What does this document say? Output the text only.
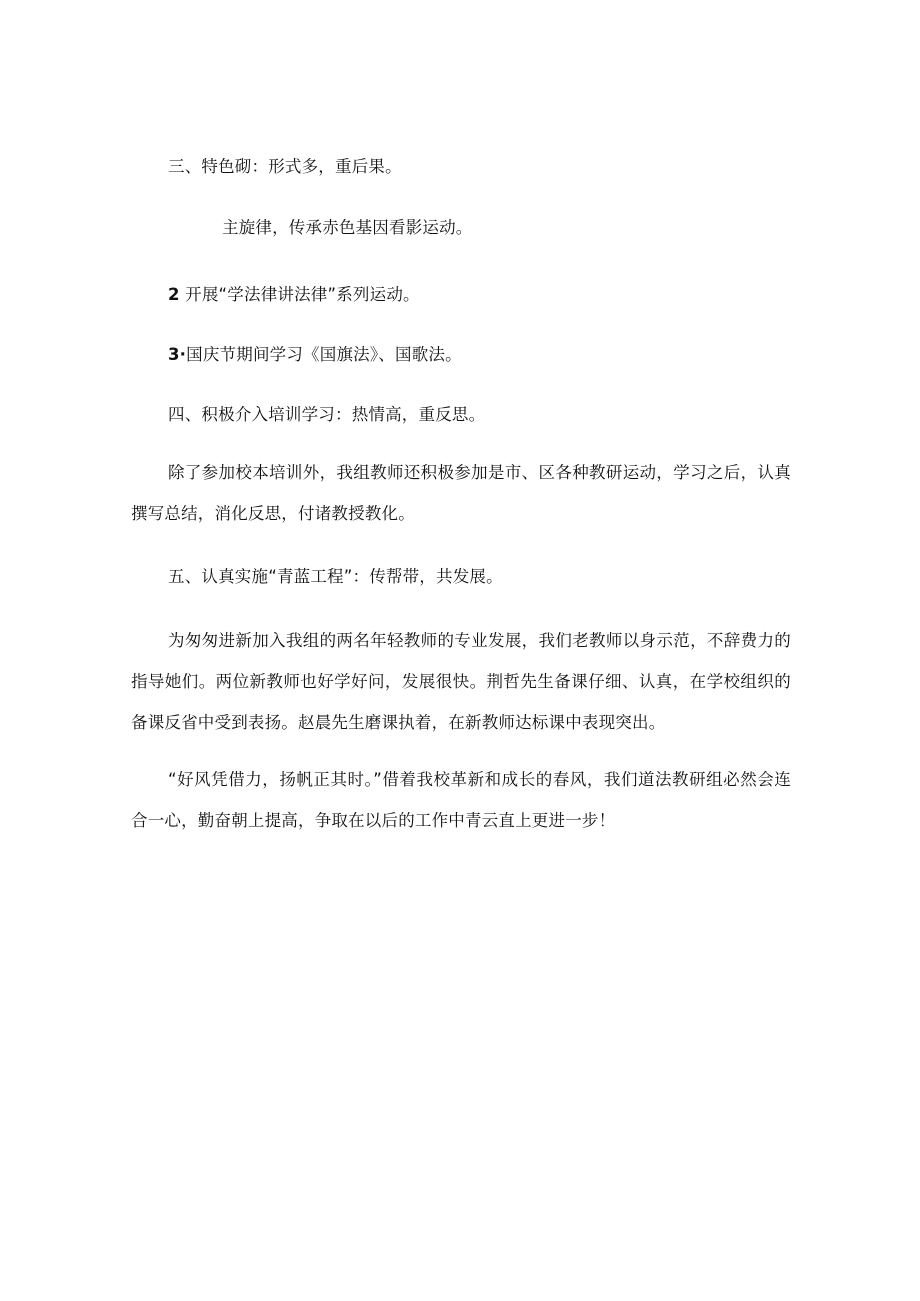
三、特色砌：形式多，重后果。
主旋律，传承赤色基因看影运动。
2 开展“学法律讲法律”系列运动。
3·国庆节期间学习《国旗法》、国歌法。
四、积极介入培训学习：热情高，重反思。
除了参加校本培训外，我组教师还积极参加是市、区各种教研运动，学习之后，认真撰写总结，消化反思，付诸教授教化。
五、认真实施“青蓝工程”：传帮带，共发展。
为匆匆进新加入我组的两名年轻教师的专业发展，我们老教师以身示范，不辞费力的指导她们。两位新教师也好学好问，发展很快。荆哲先生备课仔细、认真，在学校组织的备课反省中受到表扬。赵晨先生磨课执着，在新教师达标课中表现突出。
“好风凭借力，扬帆正其时。”借着我校革新和成长的春风，我们道法教研组必然会连合一心，勤奋朝上提高，争取在以后的工作中青云直上更进一步！
